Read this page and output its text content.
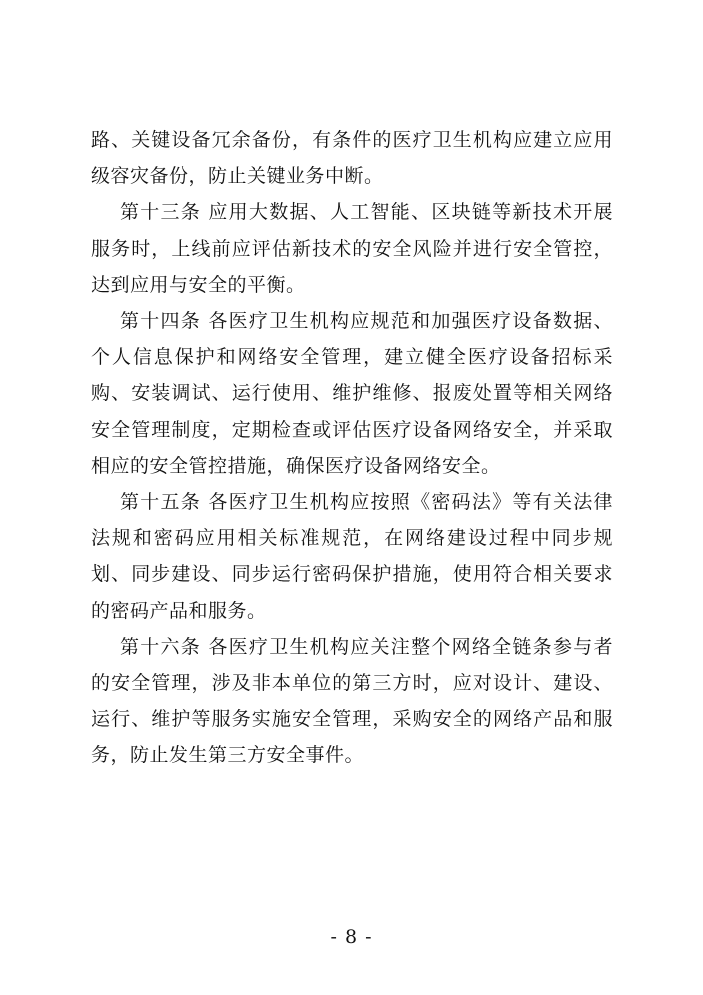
路、关键设备冗余备份，有条件的医疗卫生机构应建立应用级容灾备份，防止关键业务中断。

第十三条 应用大数据、人工智能、区块链等新技术开展服务时，上线前应评估新技术的安全风险并进行安全管控，达到应用与安全的平衡。

第十四条 各医疗卫生机构应规范和加强医疗设备数据、个人信息保护和网络安全管理，建立健全医疗设备招标采购、安装调试、运行使用、维护维修、报废处置等相关网络安全管理制度，定期检查或评估医疗设备网络安全，并采取相应的安全管控措施，确保医疗设备网络安全。

第十五条 各医疗卫生机构应按照《密码法》等有关法律法规和密码应用相关标准规范，在网络建设过程中同步规划、同步建设、同步运行密码保护措施，使用符合相关要求的密码产品和服务。

第十六条 各医疗卫生机构应关注整个网络全链条参与者的安全管理，涉及非本单位的第三方时，应对设计、建设、运行、维护等服务实施安全管理，采购安全的网络产品和服务，防止发生第三方安全事件。

- 8 -
